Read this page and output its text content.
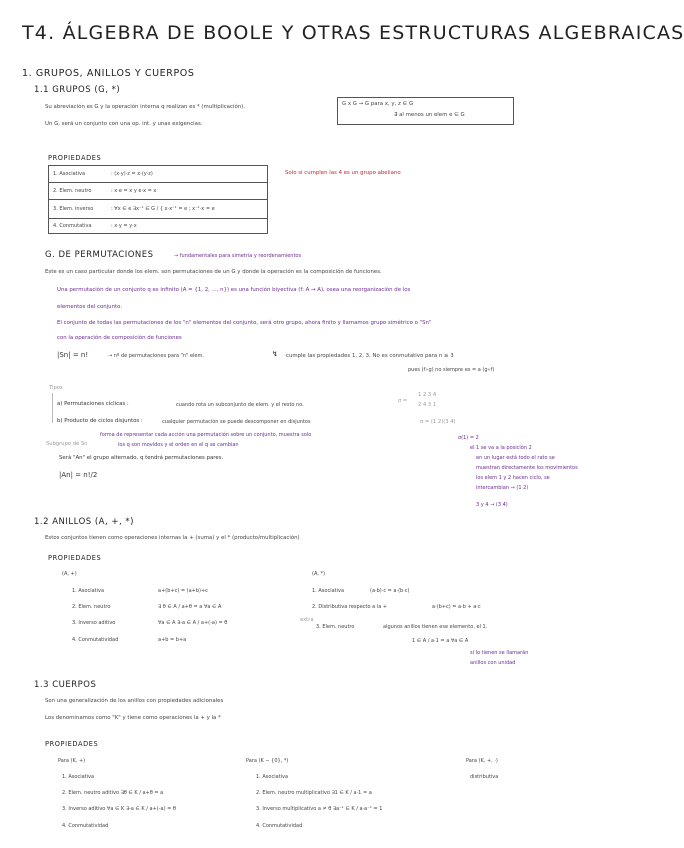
T4. ÁLGEBRA DE BOOLE Y OTRAS ESTRUCTURAS ALGEBRAICAS
1. GRUPOS, ANILLOS Y CUERPOS
1.1 GRUPOS (G, *)
Su abreviación es G y la operación interna q realizan es * (multiplicación).
Un G, será un conjunto con una op. int. y unas exigencias.
G x G → G para x, y, z ∈ G
∃ al menos un elem e ∈ G
PROPIEDADES
1. Asociativa	: (x·y)·z = x·(y·z)
2. Elem. neutro	: x·e = x y e·x = x
3. Elem. inverso	: ∀x ∈ e ∃x⁻¹ ∈ G / { x·x⁻¹ = e ; x⁻¹·x = e
4. Conmutativa	: x·y = y·x
Solo si cumplen las 4 es un grupo abeliano
G. DE PERMUTACIONES	→ fundamentales para simetría y reordenamientos
Este es un caso particular donde los elem. son permutaciones de un G y donde la operación es la composición de funciones.
Una permutación de un conjunto q es infinito (A = {1, 2, ..., n}) es una función biyectiva (f: A → A), osea una reorganización de los
elementos del conjunto.
El conjunto de todas las permutaciones de los "n" elementos del conjunto, será otro grupo, ahora finito y llamamos grupo simétrico o "Sn"
con la operación de composición de funciones
|Sn| = n!	→ nº de permutaciones para "n" elem.	↯ cumple las propiedades 1, 2, 3. No es conmutativo para n ≥ 3
pues (f∘g) no siempre es = a (g∘f)
Tipos
a) Permutaciones cíclicas :	cuando rota un subconjunto de elem. y el resto no.
σ =
1 2 3 4
2 4 3 1
b) Producto de ciclos disjuntos :	cualquier permutación se puede descomponer en disjuntos	σ = (1 2)(3 4)
forma de representar cada acción una permutación sobre un conjunto, muestra solo
los q son movidos y el orden en el q se cambian
σ(1) = 2
el 1 se va a la posición 2
en un lugar está todo el rato se
muestran directamente los movimientos
los elem 1 y 2 hacen ciclo, se
intercambian → (1 2)
3 y 4 → (3 4)
Subgrupo de Sn
Será "An" el grupo alternado, q tendrá permutaciones pares.
|An| = n!/2
1.2 ANILLOS (A, +, *)
Estos conjuntos tienen como operaciones internas la + (suma) y el * (producto/multiplicación)
PROPIEDADES
(A, +)
1. Asociativa	a+(b+c) = (a+b)+c
2. Elem. neutro	∃ θ ∈ A / a+θ = a ∀a ∈ A
3. Inverso aditivo	∀a ∈ A ∃-a ∈ A / a+(-a) = θ
4. Conmutatividad	a+b = b+a
(A, *)
1. Asociativa	(a·b)·c = a·(b·c)
2. Distributiva respecto a la +	a·(b+c) = a·b + a·c
extra
3. Elem. neutro	algunos anillos tienen ese elemento, el 1.
1 ∈ A / a·1 = a ∀a ∈ A
si lo tienen se llamarán
anillos con unidad
1.3 CUERPOS
Son una generalización de los anillos con propiedades adicionales
Los denominamos como "K" y tiene como operaciones la + y la *
PROPIEDADES
Para (K, +)
1. Asociativa
2. Elem. neutro aditivo ∃θ ∈ K / a+θ = a
3. Inverso aditivo ∀a ∈ K ∃-a ∈ K / a+(-a) = θ
4. Conmutatividad
Para (K − {0}, *)
1. Asociativa
2. Elem. neutro multiplicativo ∃1 ∈ K / a·1 = a
3. Inverso multiplicativo a ≠ θ ∃a⁻¹ ∈ K / a·a⁻¹ = 1
4. Conmutatividad
Para (K, +, ·)
distributiva
